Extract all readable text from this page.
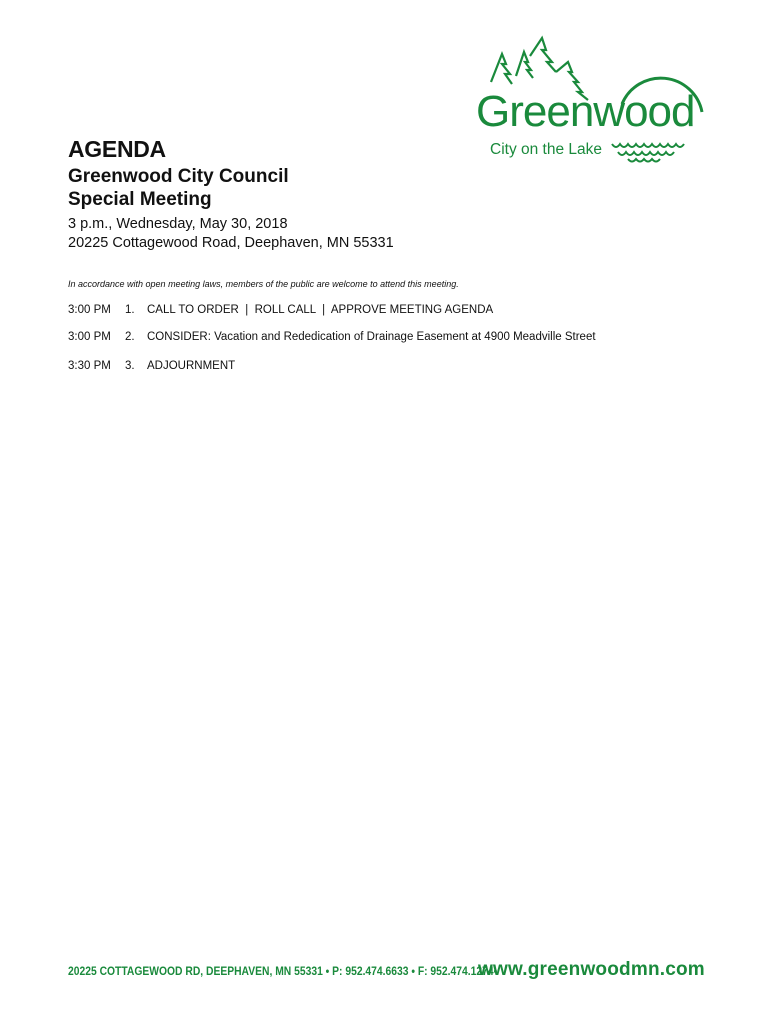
Greenwood
City on the Lake
AGENDA
Greenwood City Council
Special Meeting
3 p.m., Wednesday, May 30, 2018
20225 Cottagewood Road, Deephaven, MN 55331
In accordance with open meeting laws, members of the public are welcome to attend this meeting.
3:00 PM 1. CALL TO ORDER  |  ROLL CALL  |  APPROVE MEETING AGENDA
3:00 PM 2. CONSIDER: Vacation and Rededication of Drainage Easement at 4900 Meadville Street
3:30 PM 3. ADJOURNMENT
20225 COTTAGEWOOD RD, DEEPHAVEN, MN 55331 • P: 952.474.6633 • F: 952.474.1274•
www.greenwoodmn.com
